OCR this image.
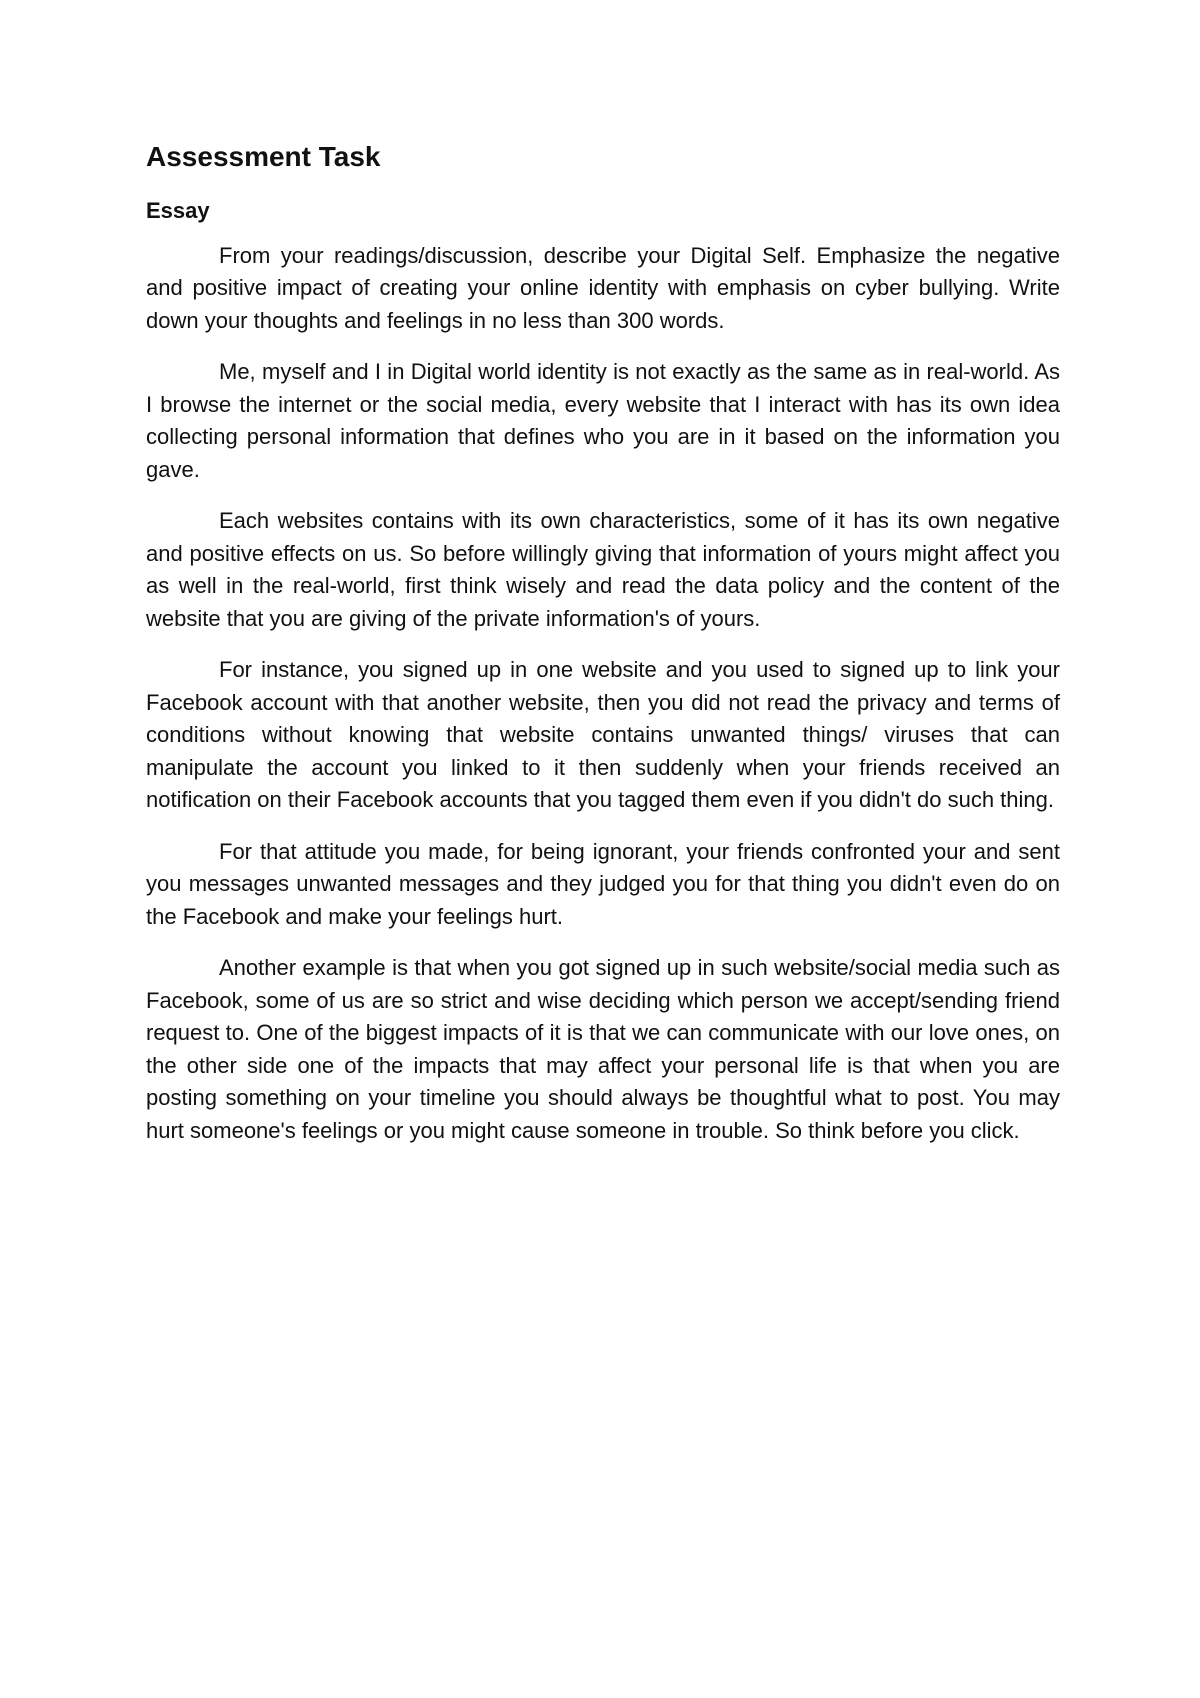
Assessment Task
Essay

From your readings/discussion, describe your Digital Self. Emphasize the negative and positive impact of creating your online identity with emphasis on cyber bullying. Write down your thoughts and feelings in no less than 300 words.

Me, myself and I in Digital world identity is not exactly as the same as in real-world. As I browse the internet or the social media, every website that I interact with has its own idea collecting personal information that defines who you are in it based on the information you gave.

Each websites contains with its own characteristics, some of it has its own negative and positive effects on us. So before willingly giving that information of yours might affect you as well in the real-world, first think wisely and read the data policy and the content of the website that you are giving of the private information's of yours.

For instance, you signed up in one website and you used to signed up to link your Facebook account with that another website, then you did not read the privacy and terms of conditions without knowing that website contains unwanted things/ viruses that can manipulate the account you linked to it then suddenly when your friends received an notification on their Facebook accounts that you tagged them even if you didn't do such thing.

For that attitude you made, for being ignorant, your friends confronted your and sent you messages unwanted messages and they judged you for that thing you didn't even do on the Facebook and make your feelings hurt.

Another example is that when you got signed up in such website/social media such as Facebook, some of us are so strict and wise deciding which person we accept/sending friend request to. One of the biggest impacts of it is that we can communicate with our love ones, on the other side one of the impacts that may affect your personal life is that when you are posting something on your timeline you should always be thoughtful what to post. You may hurt someone's feelings or you might cause someone in trouble. So think before you click.
